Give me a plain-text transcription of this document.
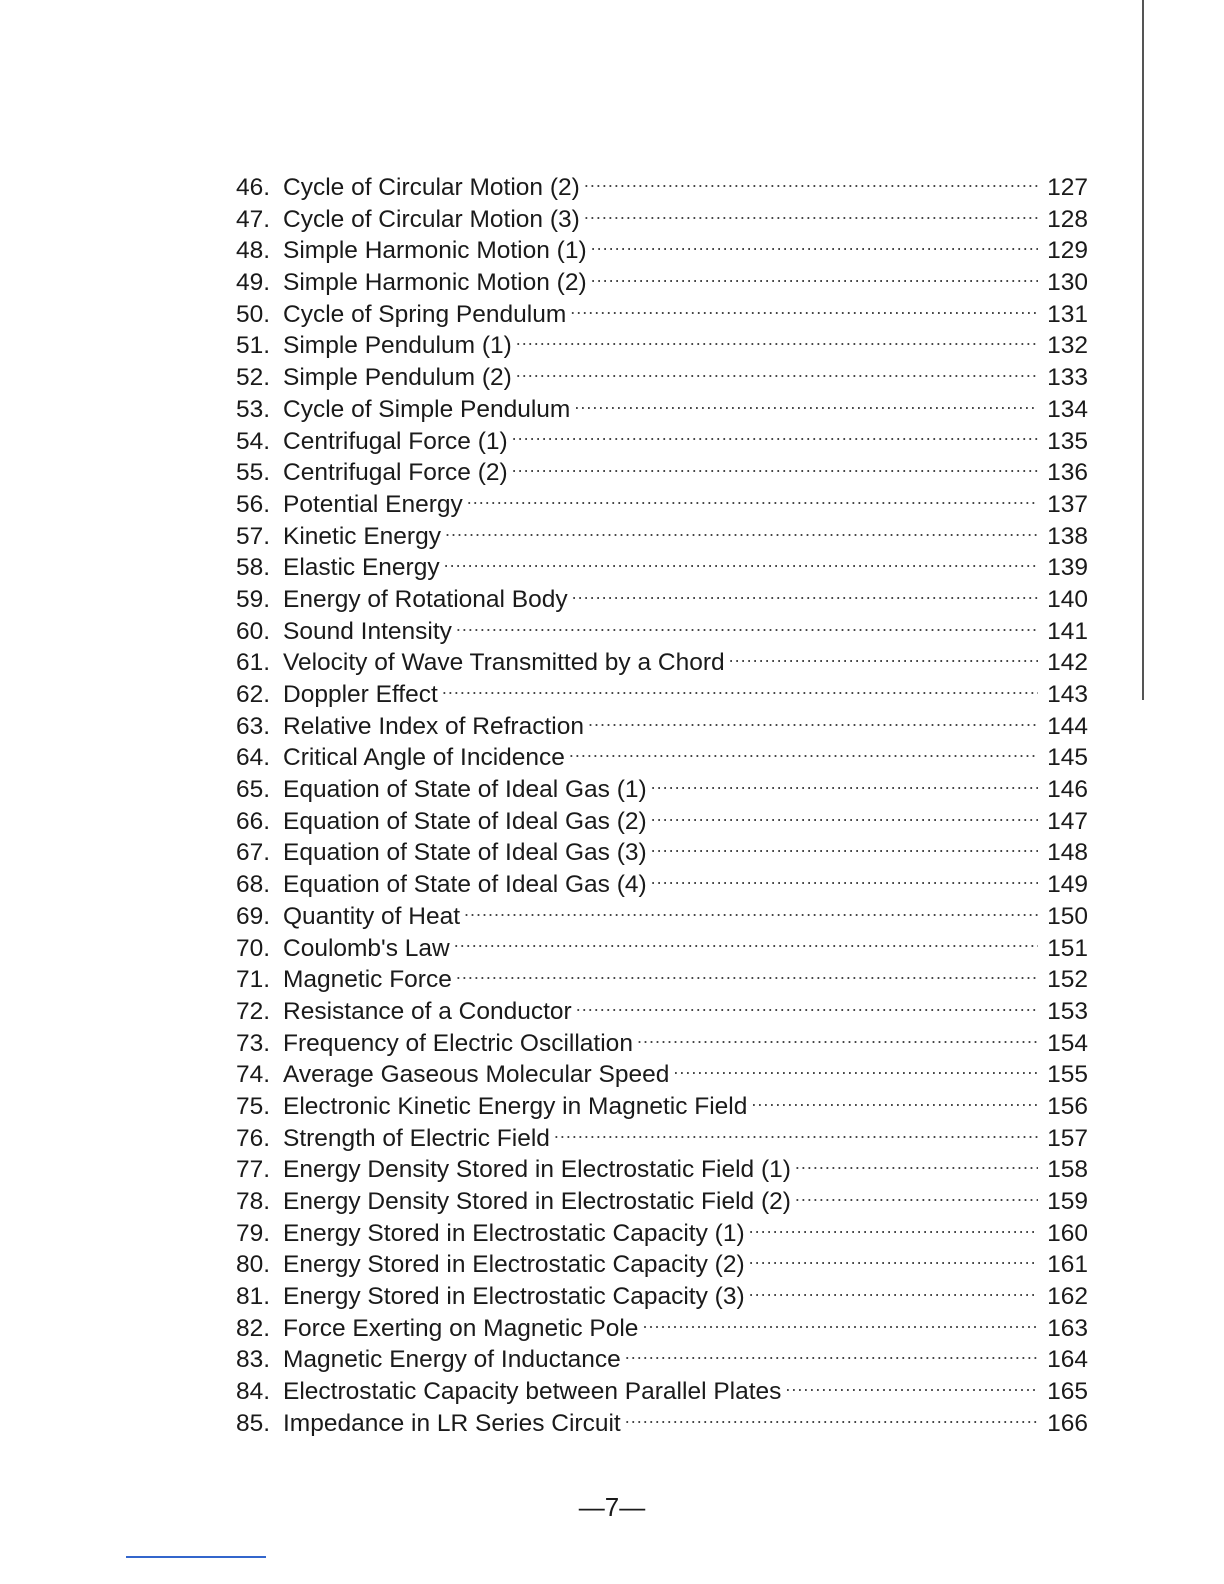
46. Cycle of Circular Motion (2) .....	127
47. Cycle of Circular Motion (3) .....	128
48. Simple Harmonic Motion (1) .....	129
49. Simple Harmonic Motion (2) .....	130
50. Cycle of Spring Pendulum .....	131
51. Simple Pendulum (1) .....	132
52. Simple Pendulum (2) .....	133
53. Cycle of Simple Pendulum .....	134
54. Centrifugal Force (1) .....	135
55. Centrifugal Force (2) .....	136
56. Potential Energy .....	137
57. Kinetic Energy .....	138
58. Elastic Energy .....	139
59. Energy of Rotational Body .....	140
60. Sound Intensity .....	141
61. Velocity of Wave Transmitted by a Chord .....	142
62. Doppler Effect .....	143
63. Relative Index of Refraction .....	144
64. Critical Angle of Incidence .....	145
65. Equation of State of Ideal Gas (1) .....	146
66. Equation of State of Ideal Gas (2) .....	147
67. Equation of State of Ideal Gas (3) .....	148
68. Equation of State of Ideal Gas (4) .....	149
69. Quantity of Heat .....	150
70. Coulomb's Law .....	151
71. Magnetic Force .....	152
72. Resistance of a Conductor .....	153
73. Frequency of Electric Oscillation .....	154
74. Average Gaseous Molecular Speed .....	155
75. Electronic Kinetic Energy in Magnetic Field .....	156
76. Strength of Electric Field .....	157
77. Energy Density Stored in Electrostatic Field (1) .....	158
78. Energy Density Stored in Electrostatic Field (2) .....	159
79. Energy Stored in Electrostatic Capacity (1) .....	160
80. Energy Stored in Electrostatic Capacity (2) .....	161
81. Energy Stored in Electrostatic Capacity (3) .....	162
82. Force Exerting on Magnetic Pole .....	163
83. Magnetic Energy of Inductance .....	164
84. Electrostatic Capacity between Parallel Plates .....	165
85. Impedance in LR Series Circuit .....	166
—7—
